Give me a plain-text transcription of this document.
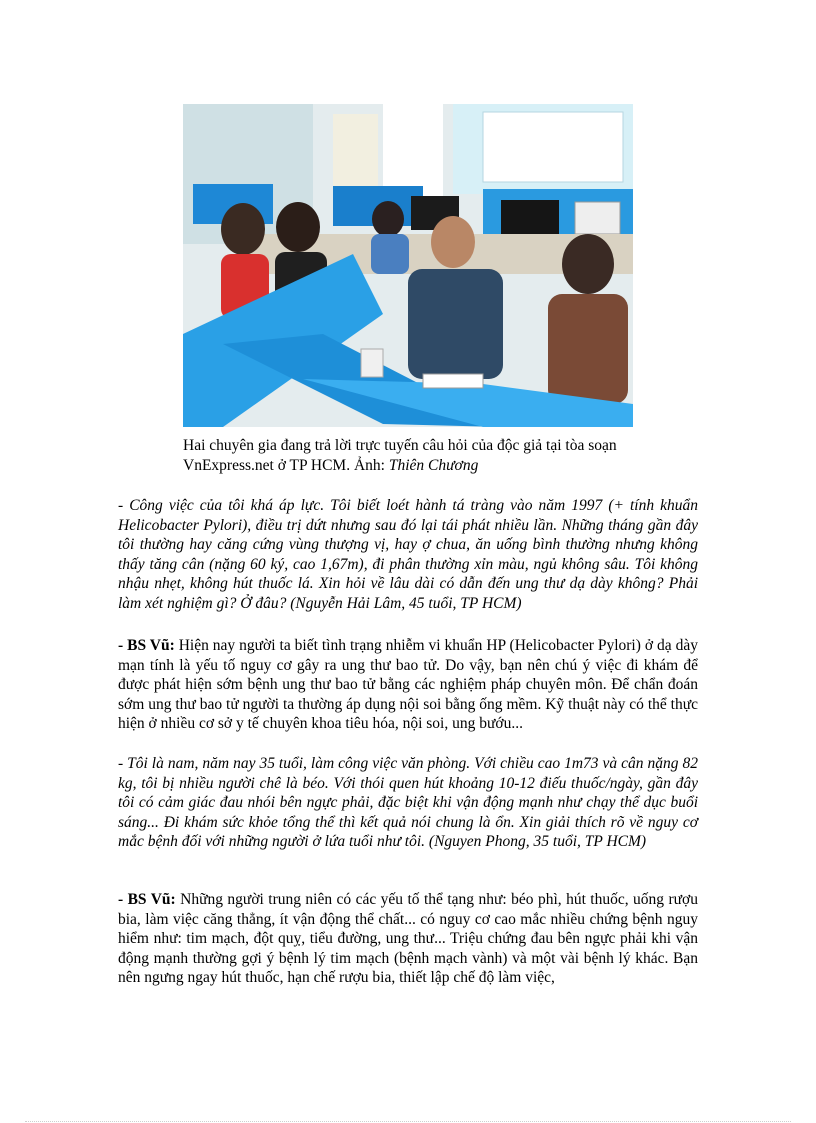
Hai chuyên gia đang trả lời trực tuyến câu hỏi của độc giả tại tòa soạn VnExpress.net ở TP HCM. Ảnh: Thiên Chương
- Công việc của tôi khá áp lực. Tôi biết loét hành tá tràng vào năm 1997 (+ tính khuẩn Helicobacter Pylori), điều trị dứt nhưng sau đó lại tái phát nhiều lần. Những tháng gần đây tôi thường hay căng cứng vùng thượng vị, hay ợ chua, ăn uống bình thường nhưng không thấy tăng cân (nặng 60 ký, cao 1,67m), đi phân thường xỉn màu, ngủ không sâu. Tôi không nhậu nhẹt, không hút thuốc lá. Xin hỏi về lâu dài có dẫn đến ung thư dạ dày không? Phải làm xét nghiệm gì? Ở đâu? (Nguyễn Hải Lâm, 45 tuổi, TP HCM)
- BS Vũ: Hiện nay người ta biết tình trạng nhiễm vi khuẩn HP (Helicobacter Pylori) ở dạ dày mạn tính là yếu tố nguy cơ gây ra ung thư bao tử. Do vậy, bạn nên chú ý việc đi khám để được phát hiện sớm bệnh ung thư bao tử bằng các nghiệm pháp chuyên môn. Để chẩn đoán sớm ung thư bao tử người ta thường áp dụng nội soi bằng ống mềm. Kỹ thuật này có thể thực hiện ở nhiều cơ sở y tế chuyên khoa tiêu hóa, nội soi, ung bướu...
- Tôi là nam, năm nay 35 tuổi, làm công việc văn phòng. Với chiều cao 1m73 và cân nặng 82 kg, tôi bị nhiều người chê là béo. Với thói quen hút khoảng 10-12 điếu thuốc/ngày, gần đây tôi có cảm giác đau nhói bên ngực phải, đặc biệt khi vận động mạnh như chạy thể dục buổi sáng... Đi khám sức khỏe tổng thể thì kết quả nói chung là ổn. Xin giải thích rõ về nguy cơ mắc bệnh đối với những người ở lứa tuổi như tôi. (Nguyen Phong, 35 tuổi, TP HCM)
- BS Vũ: Những người trung niên có các yếu tố thể tạng như: béo phì, hút thuốc, uống rượu bia, làm việc căng thẳng, ít vận động thể chất... có nguy cơ cao mắc nhiều chứng bệnh nguy hiểm như: tim mạch, đột quỵ, tiểu đường, ung thư... Triệu chứng đau bên ngực phải khi vận động mạnh thường gợi ý bệnh lý tim mạch (bệnh mạch vành) và một vài bệnh lý khác. Bạn nên ngưng ngay hút thuốc, hạn chế rượu bia, thiết lập chế độ làm việc,
